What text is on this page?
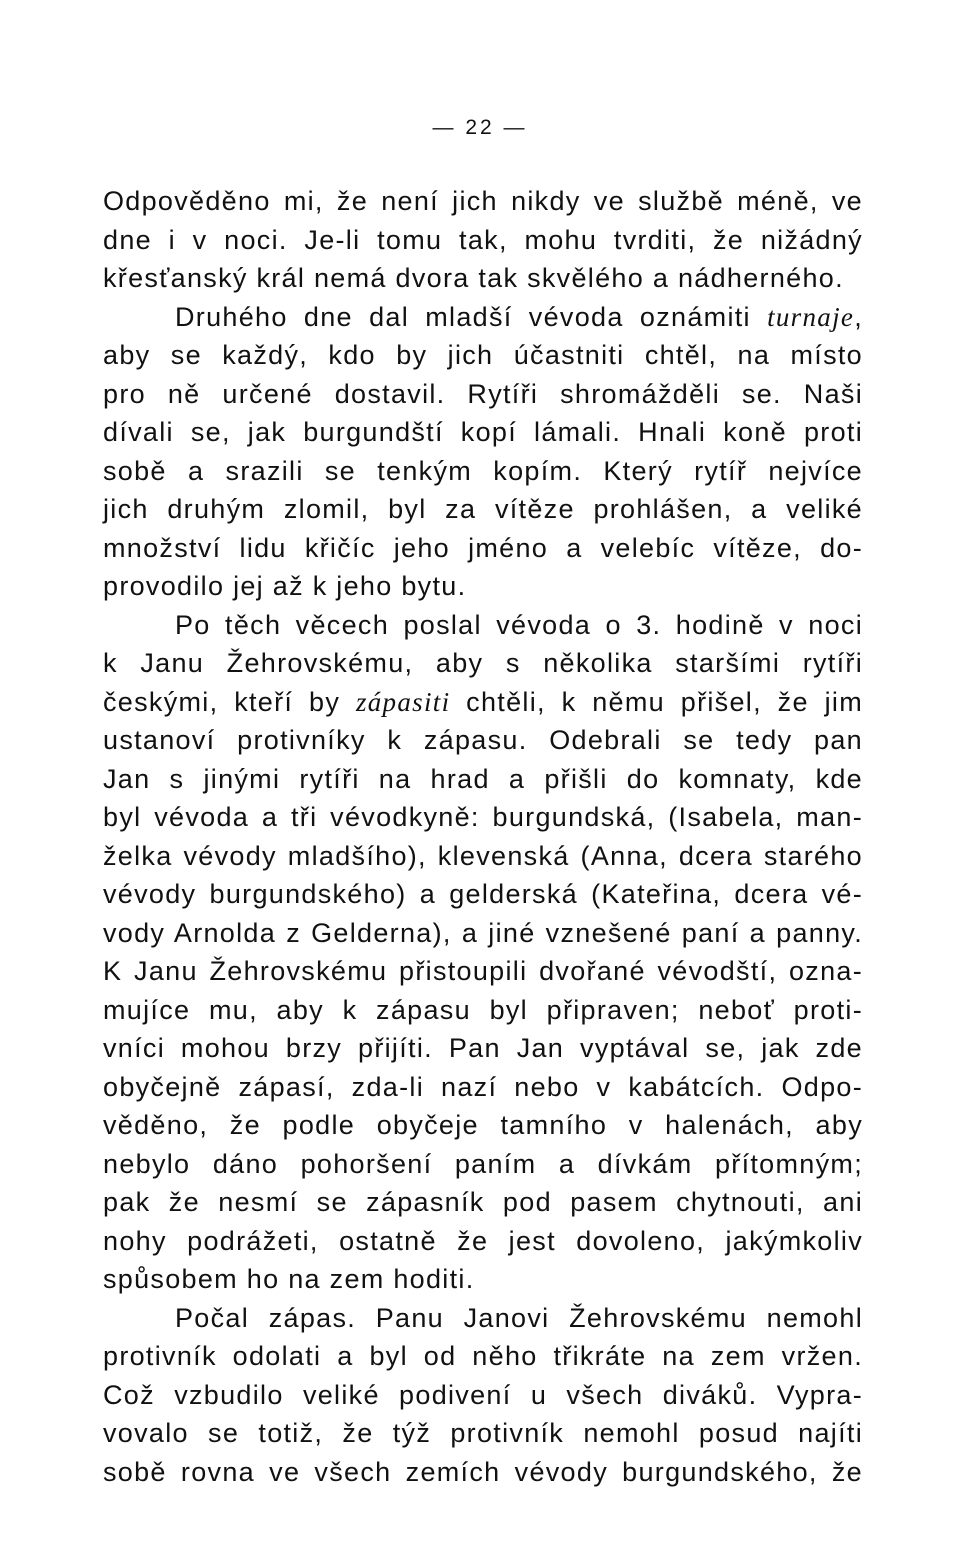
— 22 —
Odpověděno mi, že není jich nikdy ve službě méně, ve
dne i v noci. Je-li tomu tak, mohu tvrditi, že nižádný
křesťanský král nemá dvora tak skvělého a nádherného.
Druhého dne dal mladší vévoda oznámiti turnaje,
aby se každý, kdo by jich účastniti chtěl, na místo
pro ně určené dostavil. Rytíři shromážděli se. Naši
dívali se, jak burgundští kopí lámali. Hnali koně proti
sobě a srazili se tenkým kopím. Který rytíř nejvíce
jich druhým zlomil, byl za vítěze prohlášen, a veliké
množství lidu křičíc jeho jméno a velebíc vítěze, do-
provodilo jej až k jeho bytu.
Po těch věcech poslal vévoda o 3. hodině v noci
k Janu Žehrovskému, aby s několika staršími rytíři
českými, kteří by zápasiti chtěli, k němu přišel, že jim
ustanoví protivníky k zápasu. Odebrali se tedy pan
Jan s jinými rytíři na hrad a přišli do komnaty, kde
byl vévoda a tři vévodkyně: burgundská, (Isabela, man-
želka vévody mladšího), klevenská (Anna, dcera starého
vévody burgundského) a gelderská (Kateřina, dcera vé-
vody Arnolda z Gelderna), a jiné vznešené paní a panny.
K Janu Žehrovskému přistoupili dvořané vévodští, ozna-
mujíce mu, aby k zápasu byl připraven; neboť proti-
vníci mohou brzy přijíti. Pan Jan vyptával se, jak zde
obyčejně zápasí, zda-li nazí nebo v kabátcích. Odpo-
věděno, že podle obyčeje tamního v halenách, aby
nebylo dáno pohoršení paním a dívkám přítomným;
pak že nesmí se zápasník pod pasem chytnouti, ani
nohy podrážeti, ostatně že jest dovoleno, jakýmkoliv
spůsobem ho na zem hoditi.
Počal zápas. Panu Janovi Žehrovskému nemohl
protivník odolati a byl od něho třikráte na zem vržen.
Což vzbudilo veliké podivení u všech diváků. Vypra-
vovalo se totiž, že týž protivník nemohl posud najíti
sobě rovna ve všech zemích vévody burgundského, že
